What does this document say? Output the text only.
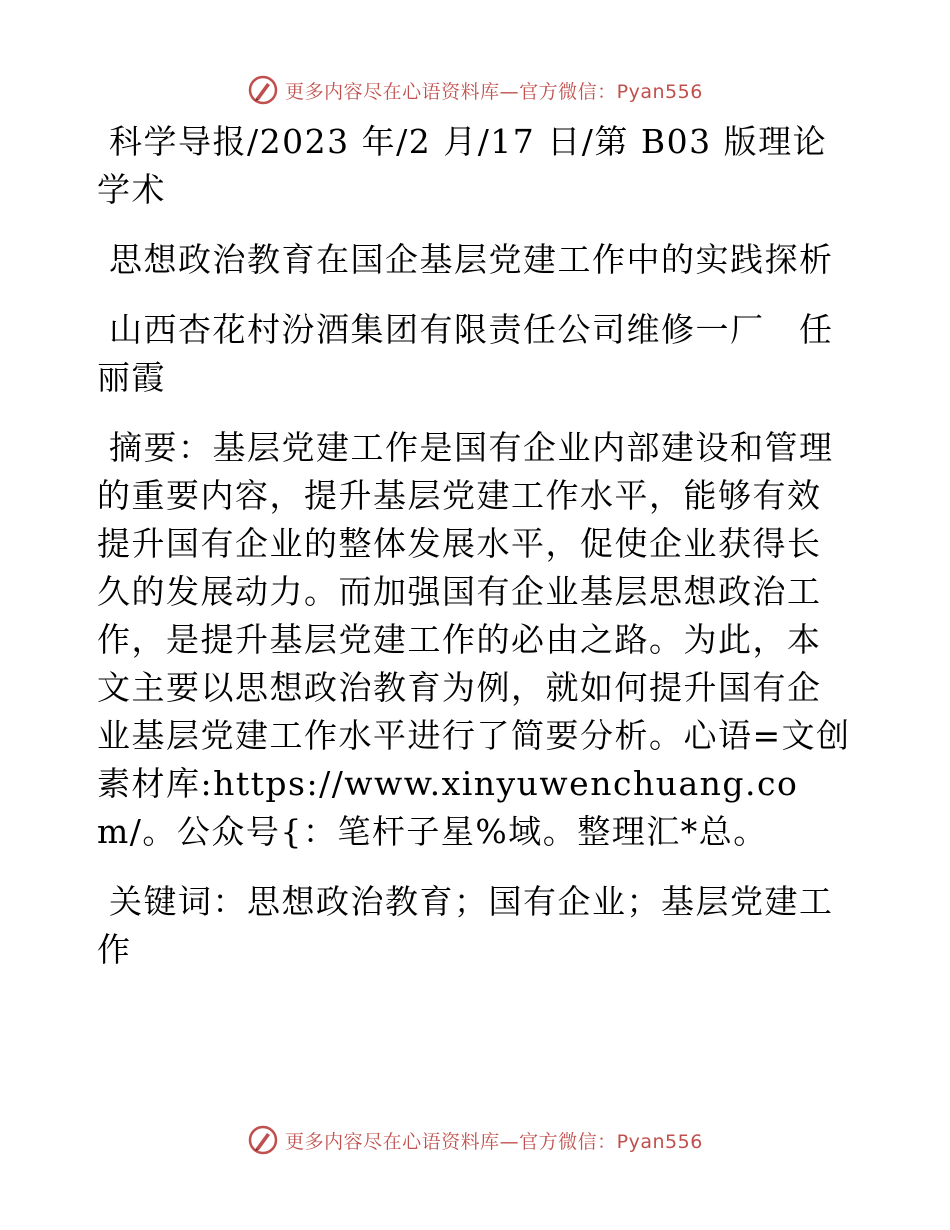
更多内容尽在心语资料库—官方微信：Pyan556

科学导报/2023 年/2 月/17 日/第 B03 版理论学术

思想政治教育在国企基层党建工作中的实践探析

山西杏花村汾酒集团有限责任公司维修一厂　任丽霞

摘要：基层党建工作是国有企业内部建设和管理的重要内容，提升基层党建工作水平，能够有效提升国有企业的整体发展水平，促使企业获得长久的发展动力。而加强国有企业基层思想政治工作，是提升基层党建工作的必由之路。为此，本文主要以思想政治教育为例，就如何提升国有企业基层党建工作水平进行了简要分析。心语=文创素材库:https://www.xinyuwenchuang.com/。公众号{：笔杆子星%域。整理汇*总。

关键词：思想政治教育；国有企业；基层党建工作

更多内容尽在心语资料库—官方微信：Pyan556
